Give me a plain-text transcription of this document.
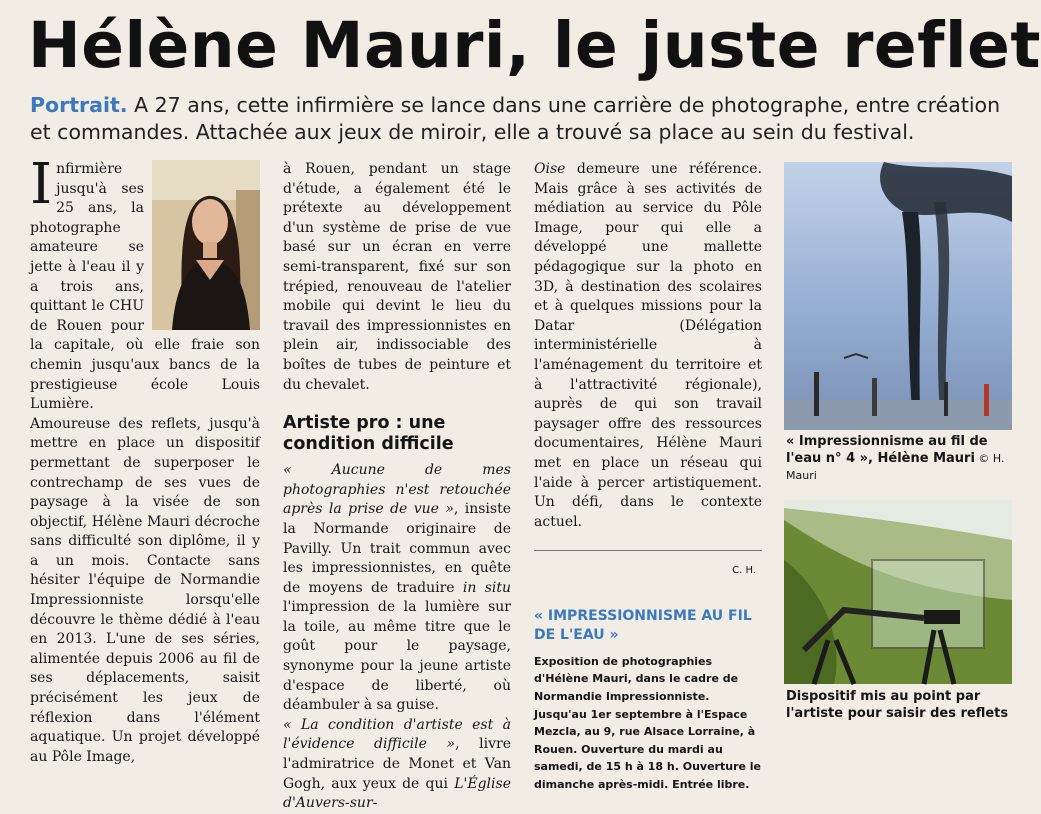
Hélène Mauri, le juste reflet
Portrait. A 27 ans, cette infirmière se lance dans une carrière de photographe, entre création et commandes. Attachée aux jeux de miroir, elle a trouvé sa place au sein du festival.

Infirmière jusqu'à ses 25 ans, la photographe amateure se jette à l'eau il y a trois ans, quittant le CHU de Rouen pour la capitale, où elle fraie son chemin jusqu'aux bancs de la prestigieuse école Louis Lumière.

Amoureuse des reflets, jusqu'à mettre en place un dispositif permettant de superposer le contrechamp de ses vues de paysage à la visée de son objectif, Hélène Mauri décroche sans difficulté son diplôme, il y a un mois. Contacte sans hésiter l'équipe de Normandie Impressionniste lorsqu'elle découvre le thème dédié à l'eau en 2013. L'une de ses séries, alimentée depuis 2006 au fil de ses déplacements, saisit précisément les jeux de réflexion dans l'élément aquatique. Un projet développé au Pôle Image,

à Rouen, pendant un stage d'étude, a également été le prétexte au développement d'un système de prise de vue basé sur un écran en verre semi-transparent, fixé sur son trépied, renouveau de l'atelier mobile qui devint le lieu du travail des impressionnistes en plein air, indissociable des boîtes de tubes de peinture et du chevalet.

Artiste pro : une condition difficile

« Aucune de mes photographies n'est retouchée après la prise de vue », insiste la Normande originaire de Pavilly. Un trait commun avec les impressionnistes, en quête de moyens de traduire in situ l'impression de la lumière sur la toile, au même titre que le goût pour le paysage, synonyme pour la jeune artiste d'espace de liberté, où déambuler à sa guise.

« La condition d'artiste est à l'évidence difficile », livre l'admiratrice de Monet et Van Gogh, aux yeux de qui L'Église d'Auvers-sur-

Oise demeure une référence. Mais grâce à ses activités de médiation au service du Pôle Image, pour qui elle a développé une mallette pédagogique sur la photo en 3D, à destination des scolaires et à quelques missions pour la Datar (Délégation interministérielle à l'aménagement du territoire et à l'attractivité régionale), auprès de qui son travail paysager offre des ressources documentaires, Hélène Mauri met en place un réseau qui l'aide à percer artistiquement. Un défi, dans le contexte actuel.

C. H.
« IMPRESSIONNISME AU FIL DE L'EAU »
Exposition de photographies d'Hélène Mauri, dans le cadre de Normandie Impressionniste. Jusqu'au 1er septembre à l'Espace Mezcla, au 9, rue Alsace Lorraine, à Rouen. Ouverture du mardi au samedi, de 15 h à 18 h. Ouverture le dimanche après-midi. Entrée libre.
« Impressionnisme au fil de l'eau n° 4 », Hélène Mauri © H. Mauri
Dispositif mis au point par l'artiste pour saisir des reflets
